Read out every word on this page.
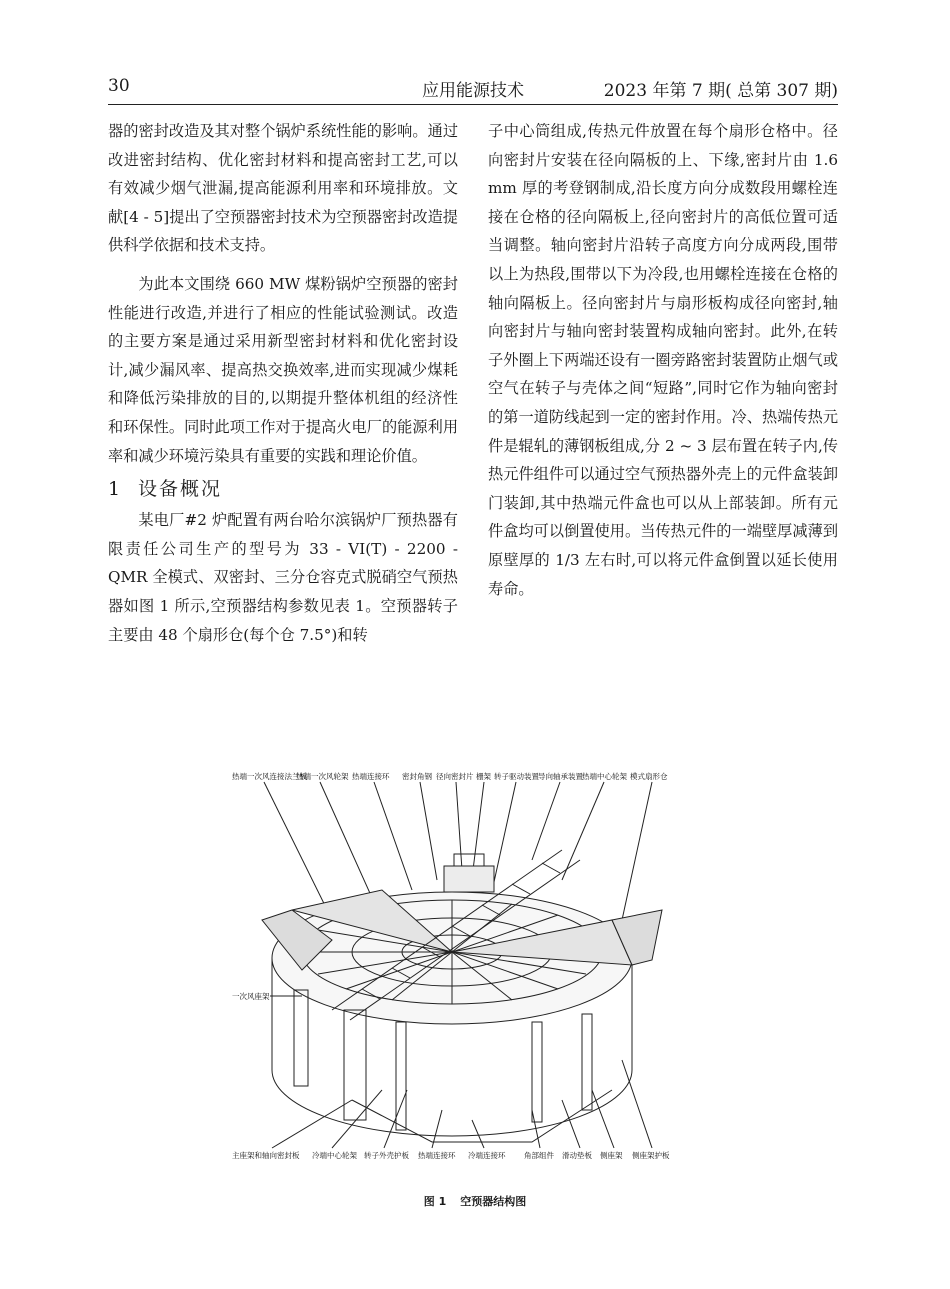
30	应用能源技术	2023 年第 7 期( 总第 307 期)

器的密封改造及其对整个锅炉系统性能的影响。通过改进密封结构、优化密封材料和提高密封工艺,可以有效减少烟气泄漏,提高能源利用率和环境排放。文献[4 - 5]提出了空预器密封技术为空预器密封改造提供科学依据和技术支持。

为此本文围绕 660 MW 煤粉锅炉空预器的密封性能进行改造,并进行了相应的性能试验测试。改造的主要方案是通过采用新型密封材料和优化密封设计,减少漏风率、提高热交换效率,进而实现减少煤耗和降低污染排放的目的,以期提升整体机组的经济性和环保性。同时此项工作对于提高火电厂的能源利用率和减少环境污染具有重要的实践和理论价值。

1 设备概况

某电厂#2 炉配置有两台哈尔滨锅炉厂预热器有限责任公司生产的型号为 33 - VI(T) - 2200 - QMR 全模式、双密封、三分仓容克式脱硝空气预热器如图 1 所示,空预器结构参数见表 1。空预器转子主要由 48 个扇形仓(每个仓 7.5°)和转

子中心筒组成,传热元件放置在每个扇形仓格中。径向密封片安装在径向隔板的上、下缘,密封片由 1.6 mm 厚的考登钢制成,沿长度方向分成数段用螺栓连接在仓格的径向隔板上,径向密封片的高低位置可适当调整。轴向密封片沿转子高度方向分成两段,围带以上为热段,围带以下为冷段,也用螺栓连接在仓格的轴向隔板上。径向密封片与扇形板构成径向密封,轴向密封片与轴向密封装置构成轴向密封。此外,在转子外圈上下两端还设有一圈旁路密封装置防止烟气或空气在转子与壳体之间“短路”,同时它作为轴向密封的第一道防线起到一定的密封作用。冷、热端传热元件是辊轧的薄钢板组成,分 2 ~ 3 层布置在转子内,传热元件组件可以通过空气预热器外壳上的元件盒装卸门装卸,其中热端元件盒也可以从上部装卸。所有元件盒均可以倒置使用。当传热元件的一端壁厚减薄到原壁厚的 1/3 左右时,可以将元件盒倒置以延长使用寿命。

热端一次风连接法兰板
热端一次风轮架 热端连接环 密封角钢 径向密封片 栅架 转子驱动装置 导向轴承装置 热端中心轮架 模式扇形仓
一次风座架
主座架和轴向密封板 冷端中心轮架 转子外壳护板 热端连接环 冷端连接环 角部组件 滑动垫板 侧座架 侧座架护板
图 1 空预器结构图
